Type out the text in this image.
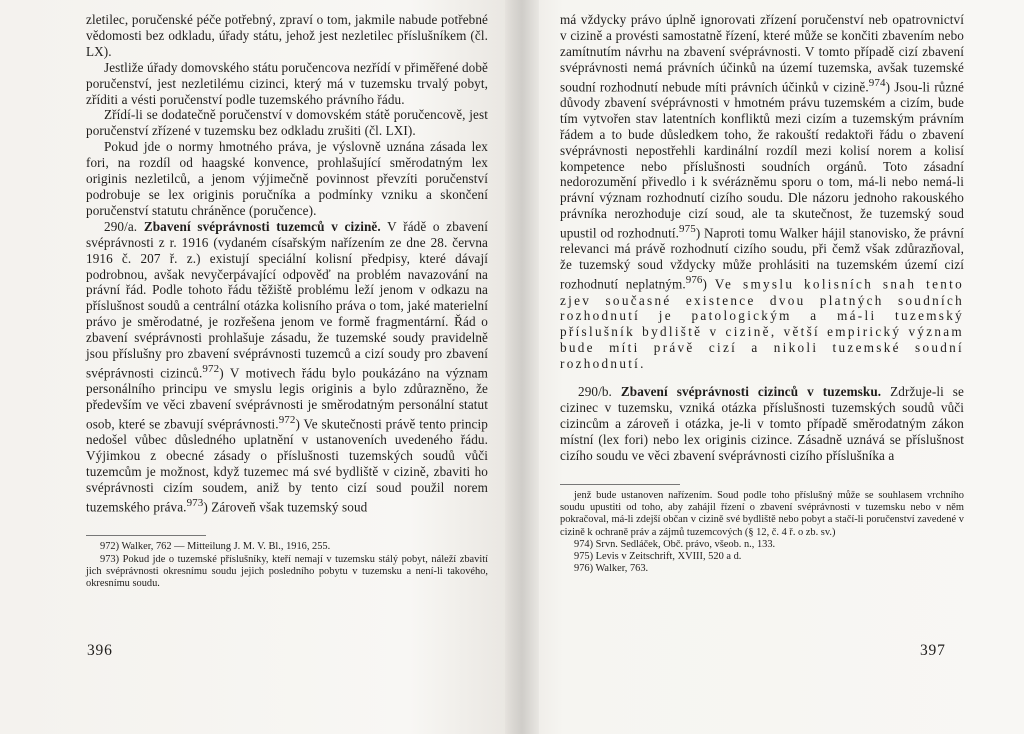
zletilec, poručenské péče potřebný, zpraví o tom, jakmile nabude potřebné vědomosti bez odkladu, úřady státu, jehož jest nezletilec příslušníkem (čl. LX).

Jestliže úřady domovského státu poručencova nezřídí v přiměřené době poručenství, jest nezletilému cizinci, který má v tuzemsku trvalý pobyt, zříditi a vésti poručenství podle tuzemského právního řádu.

Zřídí-li se dodatečně poručenství v domovském státě poručencově, jest poručenství zřízené v tuzemsku bez odkladu zrušiti (čl. LXI).

Pokud jde o normy hmotného práva, je výslovně uznána zásada lex fori, na rozdíl od haagské konvence, prohlašující směrodatným lex originis nezletilců, a jenom výjimečně povinnost převzíti poručenství podrobuje se lex originis poručníka a podmínky vzniku a skončení poručenství statutu chráněnce (poručence).

290/a. Zbavení svéprávnosti tuzemců v cizině. V řádě o zbavení svéprávnosti z r. 1916 (vydaném císařským nařízením ze dne 28. června 1916 č. 207 ř. z.) existují speciální kolisní předpisy, které dávají podrobnou, avšak nevyčerpávající odpověď na problém navazování na právní řád. Podle tohoto řádu těžiště problému leží jenom v odkazu na příslušnost soudů a centrální otázka kolisního práva o tom, jaké materielní právo je směrodatné, je rozřešena jenom ve formě fragmentární. Řád o zbavení svéprávnosti prohlašuje zásadu, že tuzemské soudy pravidelně jsou příslušny pro zbavení svéprávnosti tuzemců a cizí soudy pro zbavení svéprávnosti cizinců.$^{972}$) V motivech řádu bylo poukázáno na význam personálního principu ve smyslu legis originis a bylo zdůrazněno, že především ve věci zbavení svéprávnosti je směrodatným personální statut osob, které se zbavují svéprávnosti.$^{972}$) Ve skutečnosti právě tento princip nedošel vůbec důsledného uplatnění v ustanoveních uvedeného řádu. Výjimkou z obecné zásady o příslušnosti tuzemských soudů vůči tuzemcům je možnost, když tuzemec má své bydliště v cizině, zbaviti ho svéprávnosti cizím soudem, aniž by tento cizí soud použil norem tuzemského práva.$^{973}$) Zároveň však tuzemský soud

972) Walker, 762 — Mitteilung J. M. V. Bl., 1916, 255.

973) Pokud jde o tuzemské příslušníky, kteří nemají v tuzemsku stálý pobyt, náleží zbavití jich svéprávnosti okresnímu soudu jejich posledního pobytu v tuzemsku a není-li takového, okresnímu soudu.

396

má vždycky právo úplně ignorovati zřízení poručenství neb opatrovnictví v cizině a provésti samostatně řízení, které může se končiti zbavením nebo zamítnutím návrhu na zbavení svéprávnosti. V tomto případě cizí zbavení svéprávnosti nemá právních účinků na území tuzemska, avšak tuzemské soudní rozhodnutí nebude míti právních účinků v cizině.$^{974}$) Jsou-li různé důvody zbavení svéprávnosti v hmotném právu tuzemském a cizím, bude tím vytvořen stav latentních konfliktů mezi cizím a tuzemským právním řádem a to bude důsledkem toho, že rakouští redaktoři řádu o zbavení svéprávnosti nepostřehli kardinální rozdíl mezi kolisí norem a kolisí kompetence nebo příslušnosti soudních orgánů. Toto zásadní nedorozumění přivedlo i k svérázněmu sporu o tom, má-li nebo nemá-li právní význam rozhodnutí cizího soudu. Dle názoru jednoho rakouského právníka nerozhoduje cizí soud, ale ta skutečnost, že tuzemský soud upustil od rozhodnutí.$^{975}$) Naproti tomu Walker hájil stanovisko, že právní relevanci má právě rozhodnutí cizího soudu, při čemž však zdůrazňoval, že tuzemský soud vždycky může prohlásiti na tuzemském území cizí rozhodnutí neplatným.$^{976}$) Ve smyslu kolisních snah tento zjev současné existence dvou platných soudních rozhodnutí je patologickým a má-li tuzemský příslušník bydliště v cizině, větší empirický význam bude míti právě cizí a nikoli tuzemské soudní rozhodnutí.

290/b. Zbavení svéprávnosti cizinců v tuzemsku. Zdržuje-li se cizinec v tuzemsku, vzniká otázka příslušnosti tuzemských soudů vůči cizincům a zároveň i otázka, je-li v tomto případě směrodatným zákon místní (lex fori) nebo lex originis cizince. Zásadně uznává se příslušnost cizího soudu ve věci zbavení svéprávnosti cizího příslušníka a

jenž bude ustanoven nařízením. Soud podle toho příslušný může se souhlasem vrchního soudu upustiti od toho, aby zahájil řízení o zbavení svéprávnosti v tuzemsku nebo v něm pokračoval, má-li zdejší občan v cizině své bydliště nebo pobyt a stačí-li poručenství zavedené v cizině k ochraně práv a zájmů tuzemcových (§ 12, č. 4 ř. o zb. sv.)

974) Srvn. Sedláček, Obč. právo, všeob. n., 133.

975) Levis v Zeitschrift, XVIII, 520 a d.

976) Walker, 763.

397
